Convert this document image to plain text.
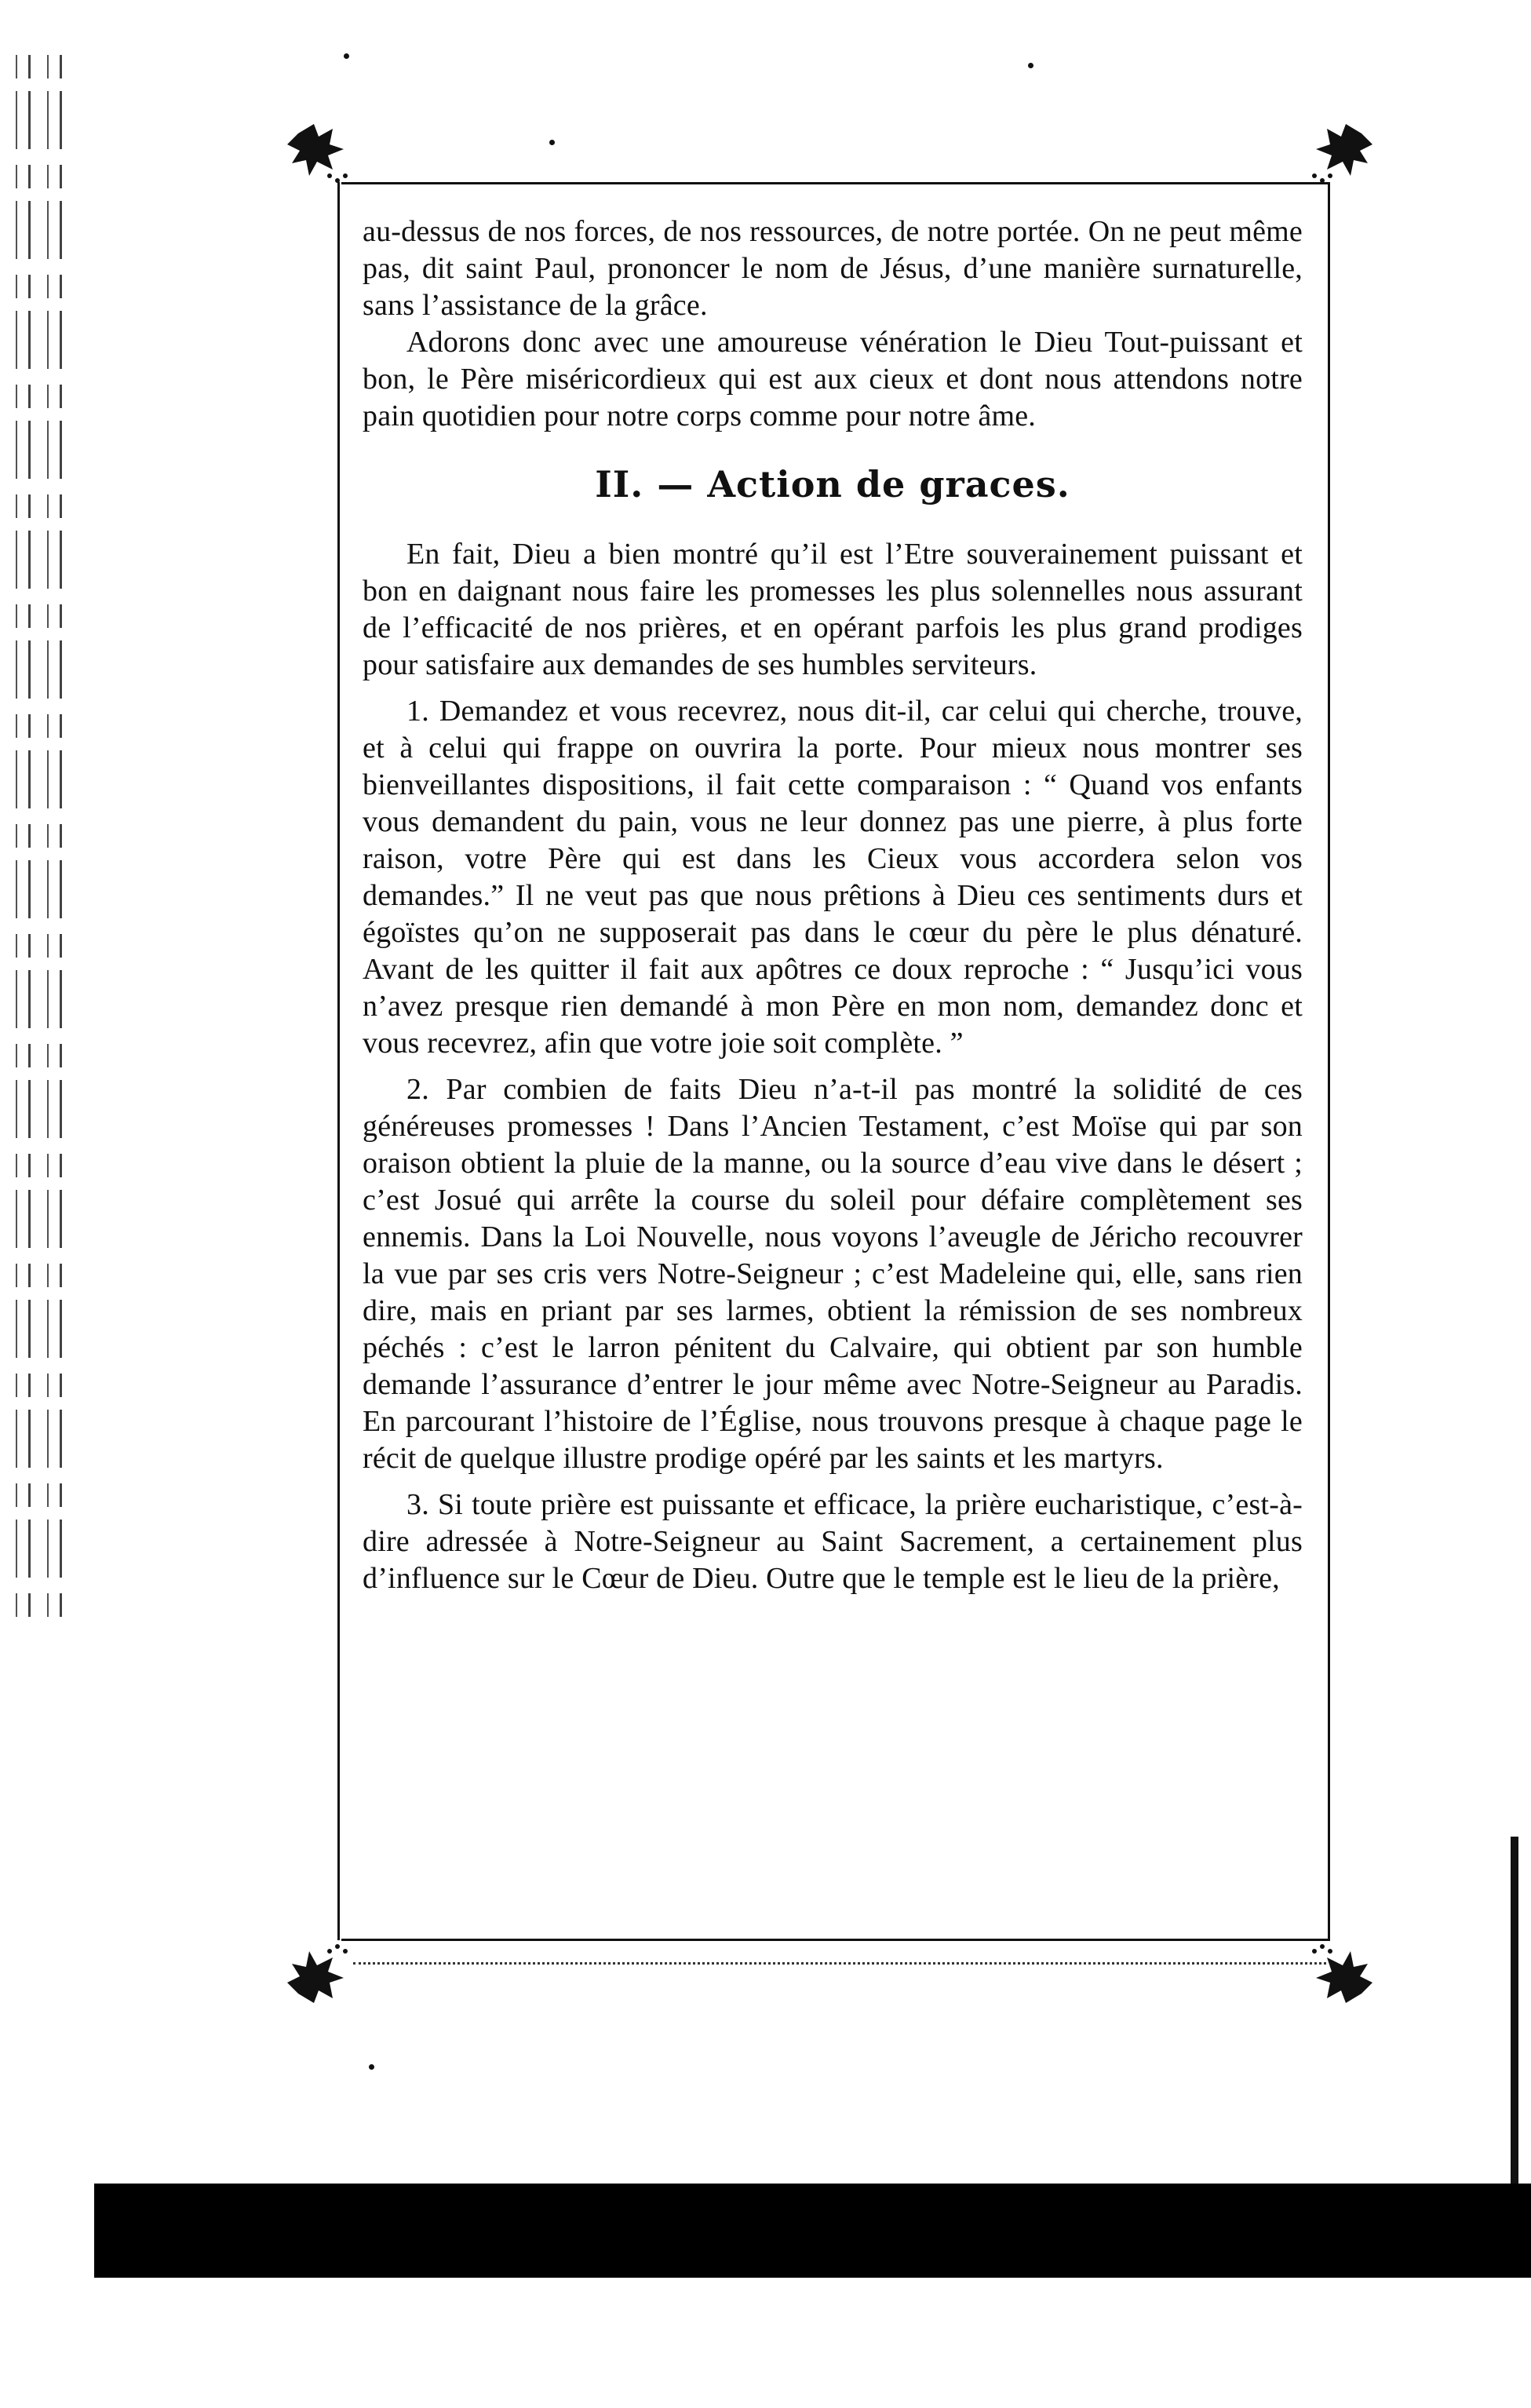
au-dessus de nos forces, de nos ressources, de notre portée. On ne peut même pas, dit saint Paul, prononcer le nom de Jésus, d’une manière surnaturelle, sans l’assistance de la grâce.

Adorons donc avec une amoureuse vénération le Dieu Tout-puissant et bon, le Père miséricordieux qui est aux cieux et dont nous attendons notre pain quotidien pour notre corps comme pour notre âme.

II. — Action de graces.

En fait, Dieu a bien montré qu’il est l’Etre souverainement puissant et bon en daignant nous faire les promesses les plus solennelles nous assurant de l’efficacité de nos prières, et en opérant parfois les plus grand prodiges pour satisfaire aux demandes de ses humbles serviteurs.

1. Demandez et vous recevrez, nous dit-il, car celui qui cherche, trouve, et à celui qui frappe on ouvrira la porte. Pour mieux nous montrer ses bienveillantes dispositions, il fait cette comparaison : “ Quand vos enfants vous demandent du pain, vous ne leur donnez pas une pierre, à plus forte raison, votre Père qui est dans les Cieux vous accordera selon vos demandes.” Il ne veut pas que nous prêtions à Dieu ces sentiments durs et égoïstes qu’on ne supposerait pas dans le cœur du père le plus dénaturé. Avant de les quitter il fait aux apôtres ce doux reproche : “ Jusqu’ici vous n’avez presque rien demandé à mon Père en mon nom, demandez donc et vous recevrez, afin que votre joie soit complète. ”

2. Par combien de faits Dieu n’a-t-il pas montré la solidité de ces généreuses promesses ! Dans l’Ancien Testament, c’est Moïse qui par son oraison obtient la pluie de la manne, ou la source d’eau vive dans le désert ; c’est Josué qui arrête la course du soleil pour défaire complètement ses ennemis. Dans la Loi Nouvelle, nous voyons l’aveugle de Jéricho recouvrer la vue par ses cris vers Notre-Seigneur ; c’est Madeleine qui, elle, sans rien dire, mais en priant par ses larmes, obtient la rémission de ses nombreux péchés : c’est le larron pénitent du Calvaire, qui obtient par son humble demande l’assurance d’entrer le jour même avec Notre-Seigneur au Paradis. En parcourant l’histoire de l’Église, nous trouvons presque à chaque page le récit de quelque illustre prodige opéré par les saints et les martyrs.

3. Si toute prière est puissante et efficace, la prière eucharistique, c’est-à-dire adressée à Notre-Seigneur au Saint Sacrement, a certainement plus d’influence sur le Cœur de Dieu. Outre que le temple est le lieu de la prière,
